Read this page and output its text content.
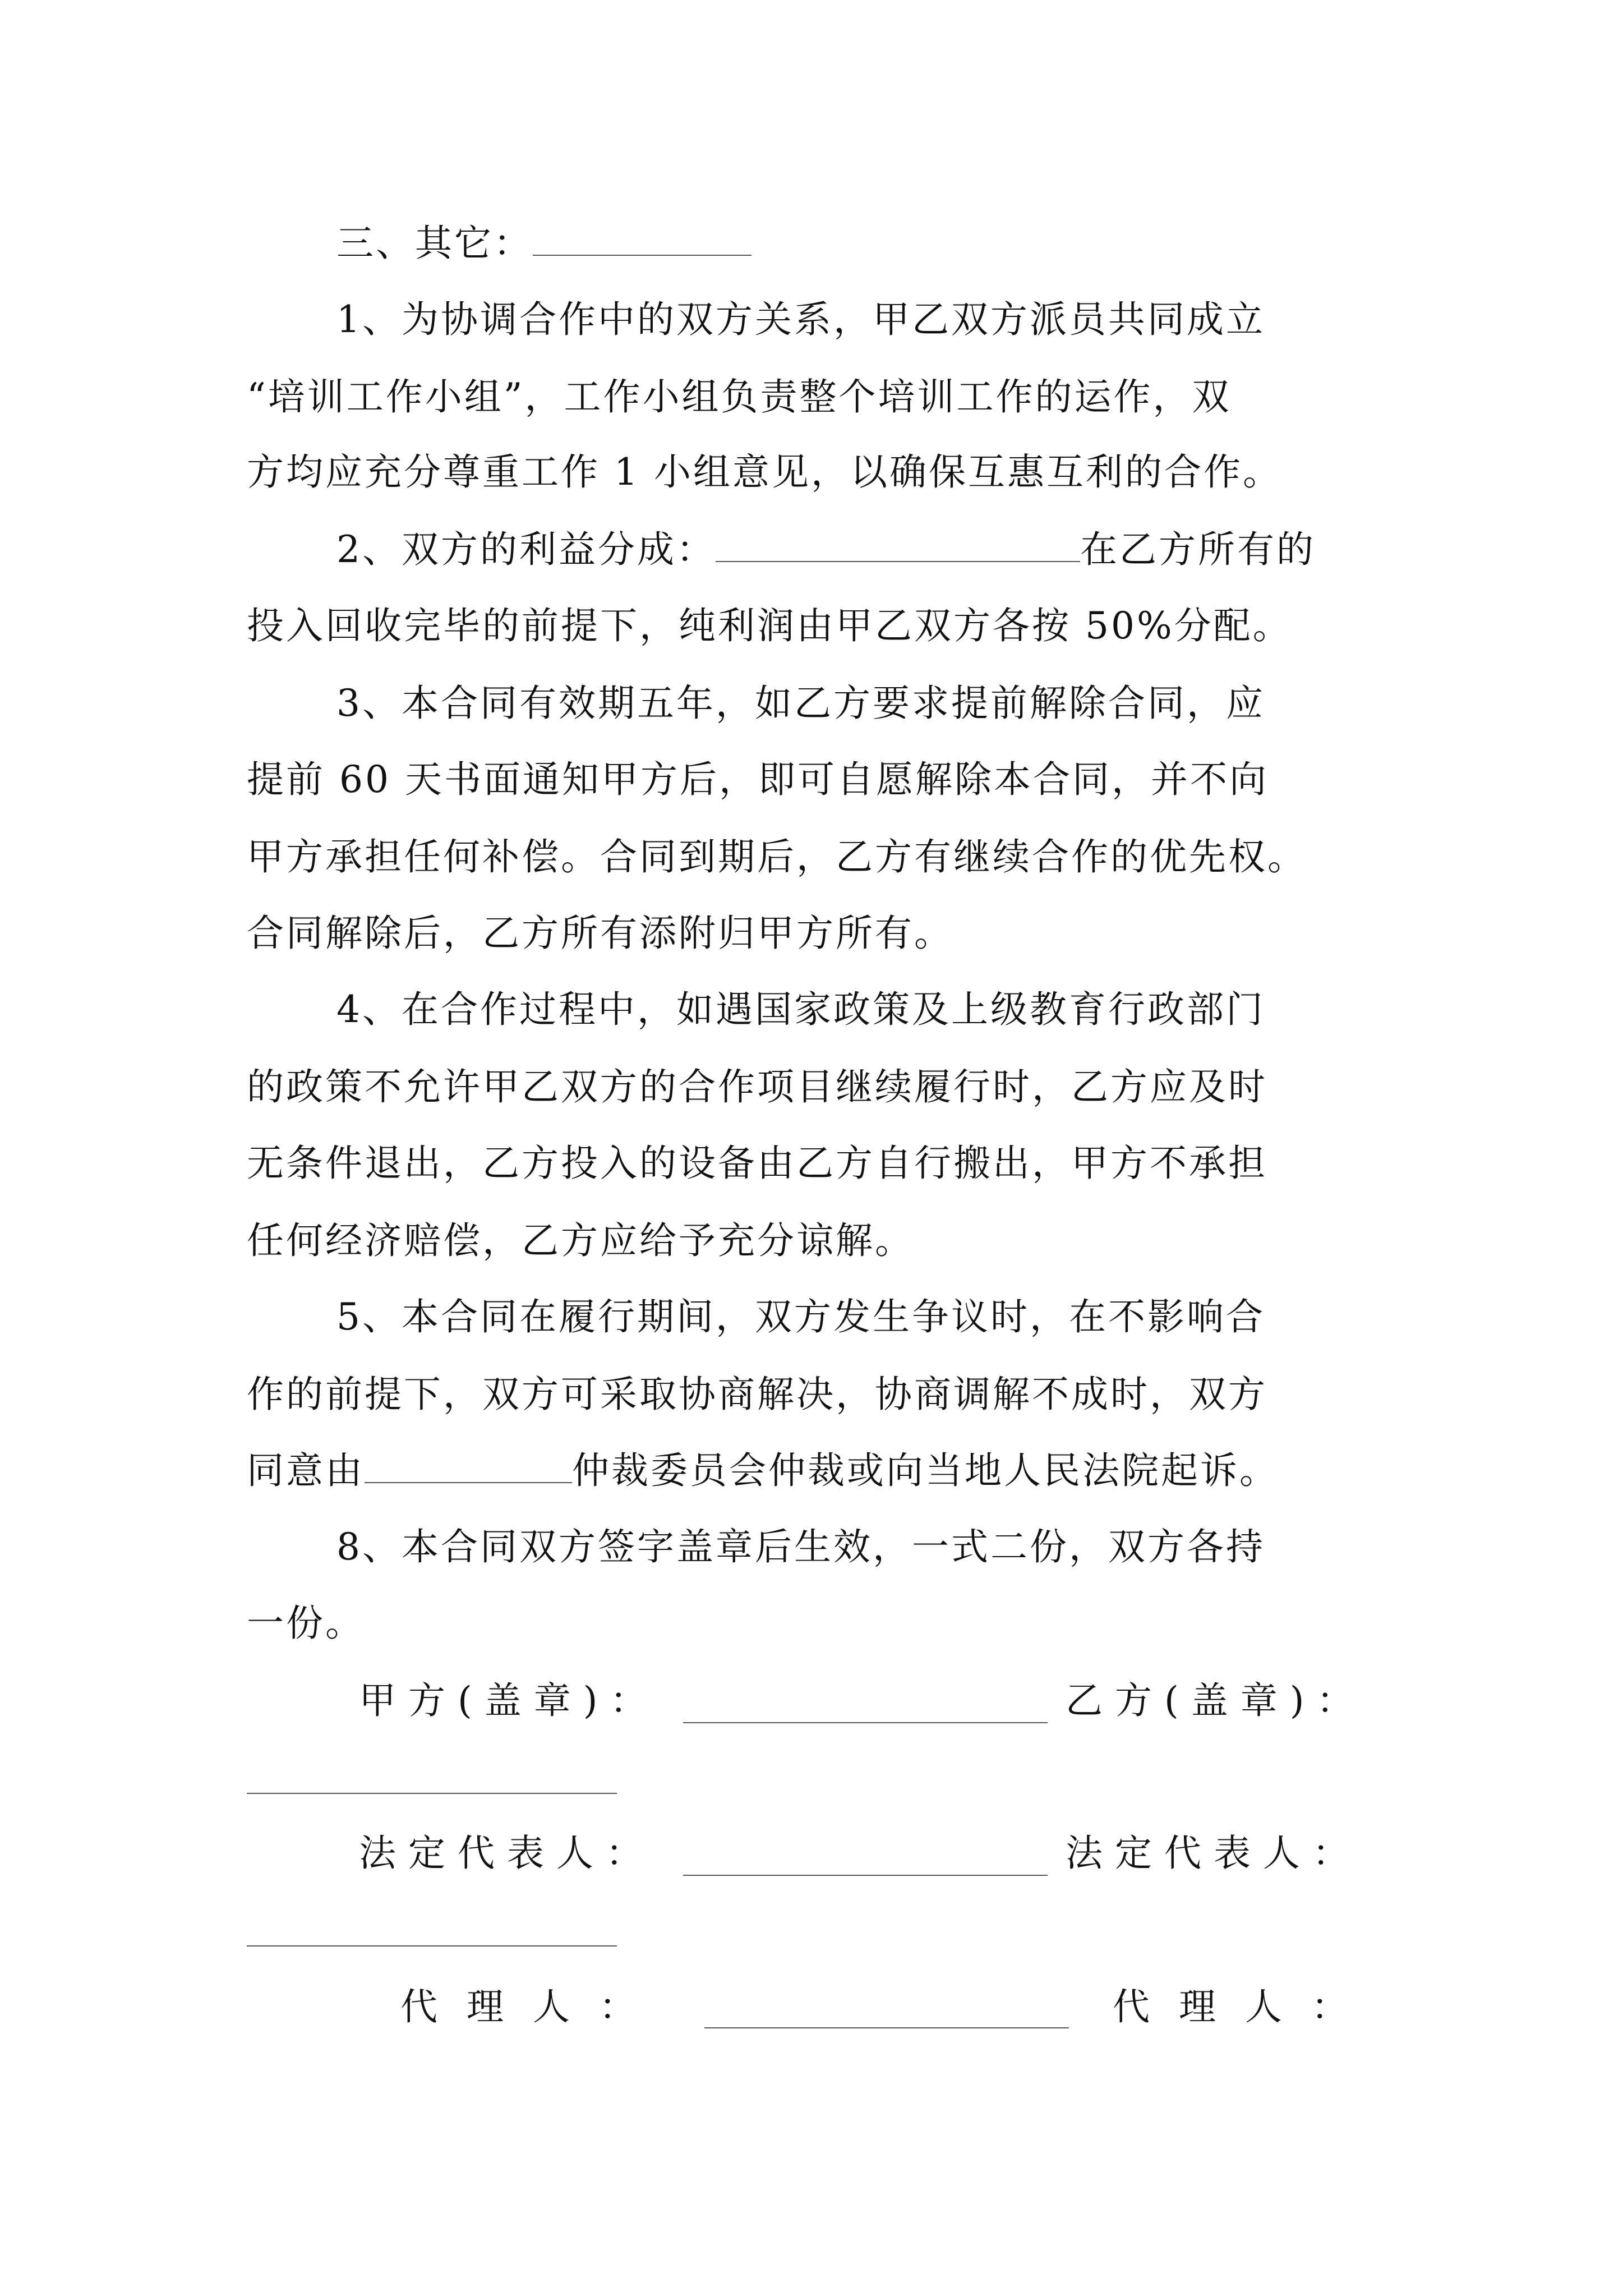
三、其它：
1、为协调合作中的双方关系，甲乙双方派员共同成立
“培训工作小组”，工作小组负责整个培训工作的运作，双
方均应充分尊重工作 1 小组意见，以确保互惠互利的合作。
2、双方的利益分成：	在乙方所有的
投入回收完毕的前提下，纯利润由甲乙双方各按 50%分配。
3、本合同有效期五年，如乙方要求提前解除合同，应
提前 60 天书面通知甲方后，即可自愿解除本合同，并不向
甲方承担任何补偿。合同到期后，乙方有继续合作的优先权。
合同解除后，乙方所有添附归甲方所有。
4、在合作过程中，如遇国家政策及上级教育行政部门
的政策不允许甲乙双方的合作项目继续履行时，乙方应及时
无条件退出，乙方投入的设备由乙方自行搬出，甲方不承担
任何经济赔偿，乙方应给予充分谅解。
5、本合同在履行期间，双方发生争议时，在不影响合
作的前提下，双方可采取协商解决，协商调解不成时，双方
同意由	仲裁委员会仲裁或向当地人民法院起诉。
8、本合同双方签字盖章后生效，一式二份，双方各持
一份。
甲方(盖章)：	乙方(盖章)：
法定代表人：	法定代表人：
代理人：	代理人：
